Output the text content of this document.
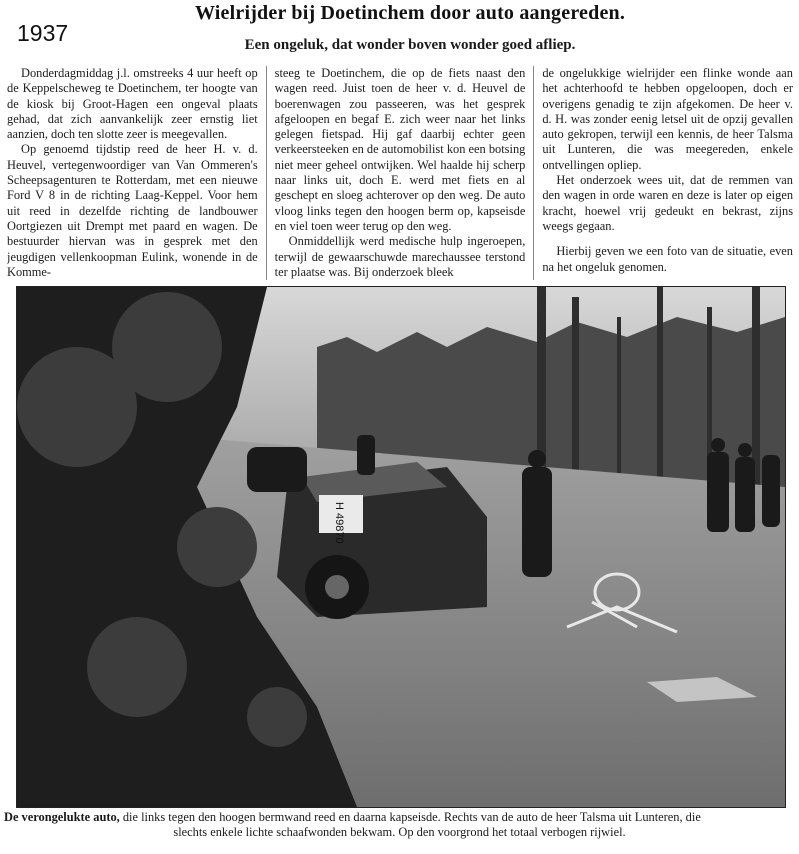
1937
Wielrijder bij Doetinchem door auto aangereden.
Een ongeluk, dat wonder boven wonder goed afliep.

Donderdagmiddag j.l. omstreeks 4 uur heeft op de Keppelscheweg te Doetinchem, ter hoogte van de kiosk bij Groot-Hagen een ongeval plaats gehad, dat zich aanvankelijk zeer ernstig liet aanzien, doch ten slotte zeer is meegevallen.

Op genoemd tijdstip reed de heer H. v. d. Heuvel, vertegenwoordiger van Van Ommeren's Scheepsagenturen te Rotterdam, met een nieuwe Ford V 8 in de richting Laag-Keppel. Voor hem uit reed in dezelfde richting de landbouwer Oortgiezen uit Drempt met paard en wagen. De bestuurder hiervan was in gesprek met den jeugdigen vellenkoopman Eulink, wonende in de Komme-

steeg te Doetinchem, die op de fiets naast den wagen reed. Juist toen de heer v. d. Heuvel de boerenwagen zou passeeren, was het gesprek afgeloopen en begaf E. zich weer naar het links gelegen fietspad. Hij gaf daarbij echter geen verkeersteeken en de automobilist kon een botsing niet meer geheel ontwijken. Wel haalde hij scherp naar links uit, doch E. werd met fiets en al geschept en sloeg achterover op den weg. De auto vloog links tegen den hoogen berm op, kapseisde en viel toen weer terug op den weg.

Onmiddellijk werd medische hulp ingeroepen, terwijl de gewaarschuwde marechaussee terstond ter plaatse was. Bij onderzoek bleek

de ongelukkige wielrijder een flinke wonde aan het achterhoofd te hebben opgeloopen, doch er overigens genadig te zijn afgekomen. De heer v. d. H. was zonder eenig letsel uit de opzij gevallen auto gekropen, terwijl een kennis, de heer Talsma uit Lunteren, die was meegereden, enkele ontvellingen opliep.

Het onderzoek wees uit, dat de remmen van den wagen in orde waren en deze is later op eigen kracht, hoewel vrij gedeukt en bekrast, zijns weegs gegaan.

Hierbij geven we een foto van de situatie, even na het ongeluk genomen.

H 49870
De verongelukte auto, die links tegen den hoogen bermwand reed en daarna kapseisde. Rechts van de auto de heer Talsma uit Lunteren, die
slechts enkele lichte schaafwonden bekwam. Op den voorgrond het totaal verbogen rijwiel.
